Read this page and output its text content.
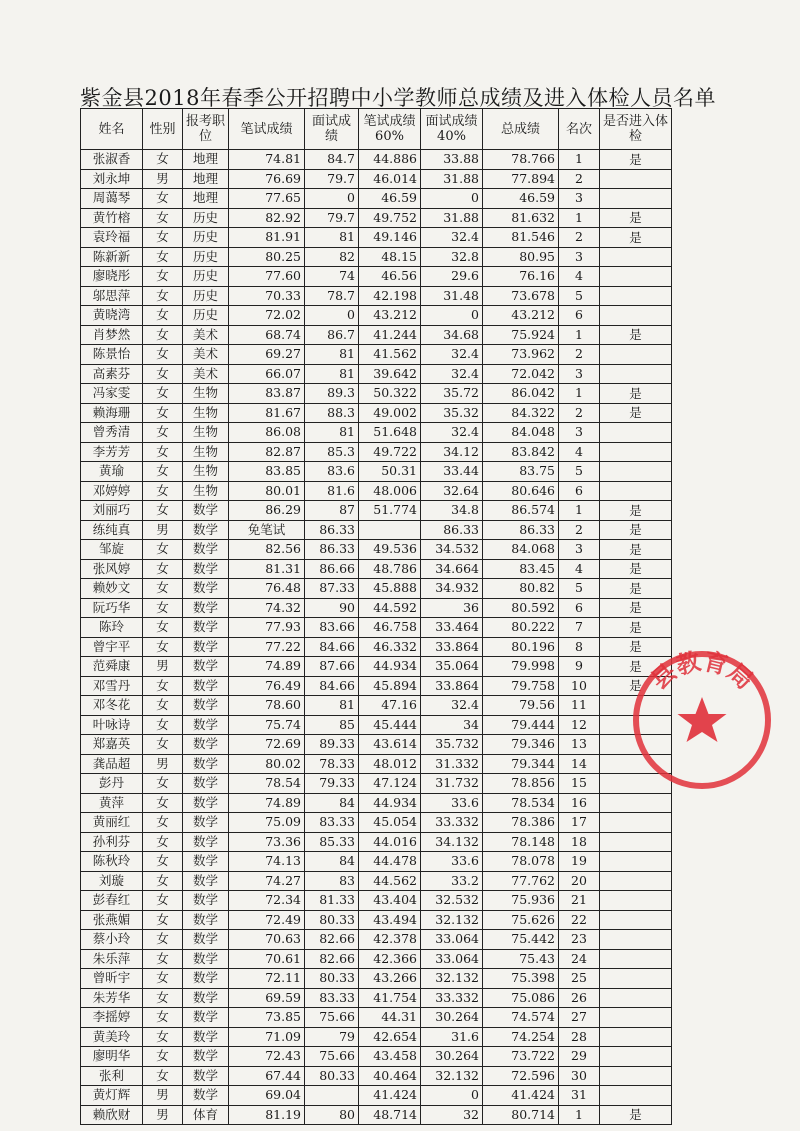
紫金县2018年春季公开招聘中小学教师总成绩及进入体检人员名单
姓名	性别	报考职位	笔试成绩	面试成绩	笔试成绩60%	面试成绩40%	总成绩	名次	是否进入体检
张淑香	女	地理	74.81	84.7	44.886	33.88	78.766	1	是
刘永坤	男	地理	76.69	79.7	46.014	31.88	77.894	2	
周蔼琴	女	地理	77.65	0	46.59	0	46.59	3	
黄竹榕	女	历史	82.92	79.7	49.752	31.88	81.632	1	是
袁玲福	女	历史	81.91	81	49.146	32.4	81.546	2	是
陈新新	女	历史	80.25	82	48.15	32.8	80.95	3	
廖晓彤	女	历史	77.60	74	46.56	29.6	76.16	4	
邬思萍	女	历史	70.33	78.7	42.198	31.48	73.678	5	
黄晓湾	女	历史	72.02	0	43.212	0	43.212	6	
肖梦然	女	美术	68.74	86.7	41.244	34.68	75.924	1	是
陈景怡	女	美术	69.27	81	41.562	32.4	73.962	2	
高素芬	女	美术	66.07	81	39.642	32.4	72.042	3	
冯家雯	女	生物	83.87	89.3	50.322	35.72	86.042	1	是
赖海珊	女	生物	81.67	88.3	49.002	35.32	84.322	2	是
曾秀清	女	生物	86.08	81	51.648	32.4	84.048	3	
李芳芳	女	生物	82.87	85.3	49.722	34.12	83.842	4	
黄瑜	女	生物	83.85	83.6	50.31	33.44	83.75	5	
邓婷婷	女	生物	80.01	81.6	48.006	32.64	80.646	6	
刘丽巧	女	数学	86.29	87	51.774	34.8	86.574	1	是
练纯真	男	数学	免笔试	86.33		86.33	86.33	2	是
邹旋	女	数学	82.56	86.33	49.536	34.532	84.068	3	是
张风婷	女	数学	81.31	86.66	48.786	34.664	83.45	4	是
赖妙文	女	数学	76.48	87.33	45.888	34.932	80.82	5	是
阮巧华	女	数学	74.32	90	44.592	36	80.592	6	是
陈玲	女	数学	77.93	83.66	46.758	33.464	80.222	7	是
曾宇平	女	数学	77.22	84.66	46.332	33.864	80.196	8	是
范舜康	男	数学	74.89	87.66	44.934	35.064	79.998	9	是
邓雪丹	女	数学	76.49	84.66	45.894	33.864	79.758	10	是
邓冬花	女	数学	78.60	81	47.16	32.4	79.56	11	
叶咏诗	女	数学	75.74	85	45.444	34	79.444	12	
郑嘉英	女	数学	72.69	89.33	43.614	35.732	79.346	13	
龚品超	男	数学	80.02	78.33	48.012	31.332	79.344	14	
彭丹	女	数学	78.54	79.33	47.124	31.732	78.856	15	
黄萍	女	数学	74.89	84	44.934	33.6	78.534	16	
黄丽红	女	数学	75.09	83.33	45.054	33.332	78.386	17	
孙利芬	女	数学	73.36	85.33	44.016	34.132	78.148	18	
陈秋玲	女	数学	74.13	84	44.478	33.6	78.078	19	
刘璇	女	数学	74.27	83	44.562	33.2	77.762	20	
彭春红	女	数学	72.34	81.33	43.404	32.532	75.936	21	
张燕媚	女	数学	72.49	80.33	43.494	32.132	75.626	22	
蔡小玲	女	数学	70.63	82.66	42.378	33.064	75.442	23	
朱乐萍	女	数学	70.61	82.66	42.366	33.064	75.43	24	
曾昕宇	女	数学	72.11	80.33	43.266	32.132	75.398	25	
朱芳华	女	数学	69.59	83.33	41.754	33.332	75.086	26	
李摇婷	女	数学	73.85	75.66	44.31	30.264	74.574	27	
黄美玲	女	数学	71.09	79	42.654	31.6	74.254	28	
廖明华	女	数学	72.43	75.66	43.458	30.264	73.722	29	
张利	女	数学	67.44	80.33	40.464	32.132	72.596	30	
黄灯辉	男	数学	69.04		41.424	0	41.424	31	
赖欣财	男	体育	81.19	80	48.714	32	80.714	1	是
县教育局
